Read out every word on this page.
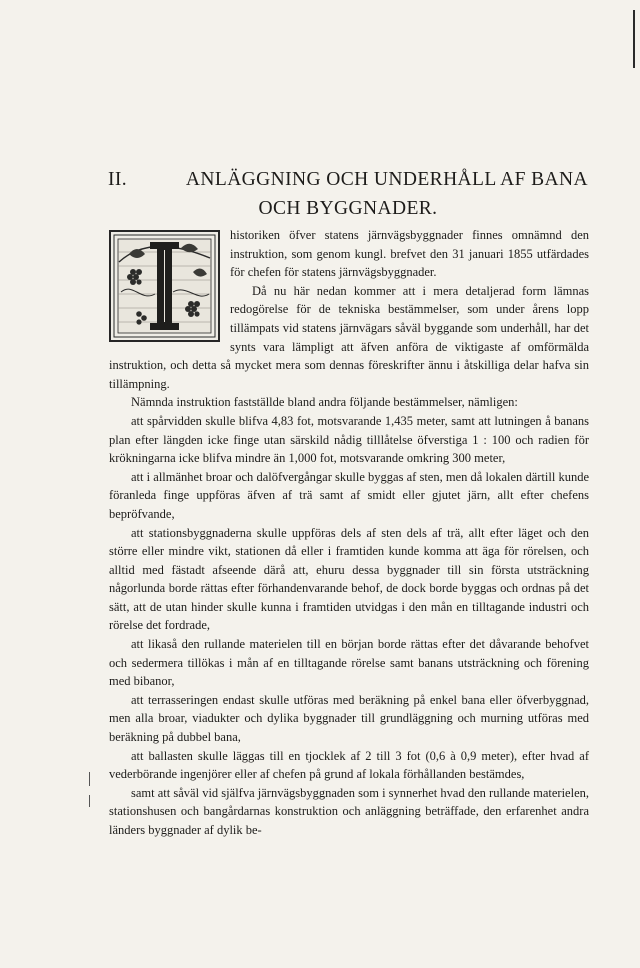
II.	ANLÄGGNING OCH UNDERHÅLL AF BANA
OCH BYGGNADER.

historiken öfver statens järnvägsbyggnader finnes omnämnd den instruktion, som genom kungl. brefvet den 31 januari 1855 utfärdades för chefen för statens järnvägsbyggnader.

Då nu här nedan kommer att i mera detaljerad form lämnas redogörelse för de tekniska bestämmelser, som under årens lopp tillämpats vid statens järnvägars såväl byggande som underhåll, har det synts vara lämpligt att äfven anföra de viktigaste af omförmälda instruktion, och detta så mycket mera som dennas föreskrifter ännu i åtskilliga delar hafva sin tillämpning.

Nämnda instruktion fastställde bland andra följande bestämmelser, nämligen:

att spårvidden skulle blifva 4,83 fot, motsvarande 1,435 meter, samt att lutningen å banans plan efter längden icke finge utan särskild nådig tilllåtelse öfverstiga 1 : 100 och radien för krökningarna icke blifva mindre än 1,000 fot, motsvarande omkring 300 meter,

att i allmänhet broar och dalöfvergångar skulle byggas af sten, men då lokalen därtill kunde föranleda finge uppföras äfven af trä samt af smidt eller gjutet järn, allt efter chefens bepröfvande,

att stationsbyggnaderna skulle uppföras dels af sten dels af trä, allt efter läget och den större eller mindre vikt, stationen då eller i framtiden kunde komma att äga för rörelsen, och alltid med fästadt afseende därå att, ehuru dessa byggnader till sin första utsträckning någorlunda borde rättas efter förhandenvarande behof, de dock borde byggas och ordnas på det sätt, att de utan hinder skulle kunna i framtiden utvidgas i den mån en tilltagande industri och rörelse det fordrade,

att likaså den rullande materielen till en början borde rättas efter det dåvarande behofvet och sedermera tillökas i mån af en tilltagande rörelse samt banans utsträckning och förening med bibanor,

att terrasseringen endast skulle utföras med beräkning på enkel bana eller öfverbyggnad, men alla broar, viadukter och dylika byggnader till grundläggning och murning utföras med beräkning på dubbel bana,

att ballasten skulle läggas till en tjocklek af 2 till 3 fot (0,6 à 0,9 meter), efter hvad af vederbörande ingenjörer eller af chefen på grund af lokala förhållanden bestämdes,

samt att såväl vid själfva järnvägsbyggnaden som i synnerhet hvad den rullande materielen, stationshusen och bangårdarnas konstruktion och anläggning beträffade, den erfarenhet andra länders byggnader af dylik be-
